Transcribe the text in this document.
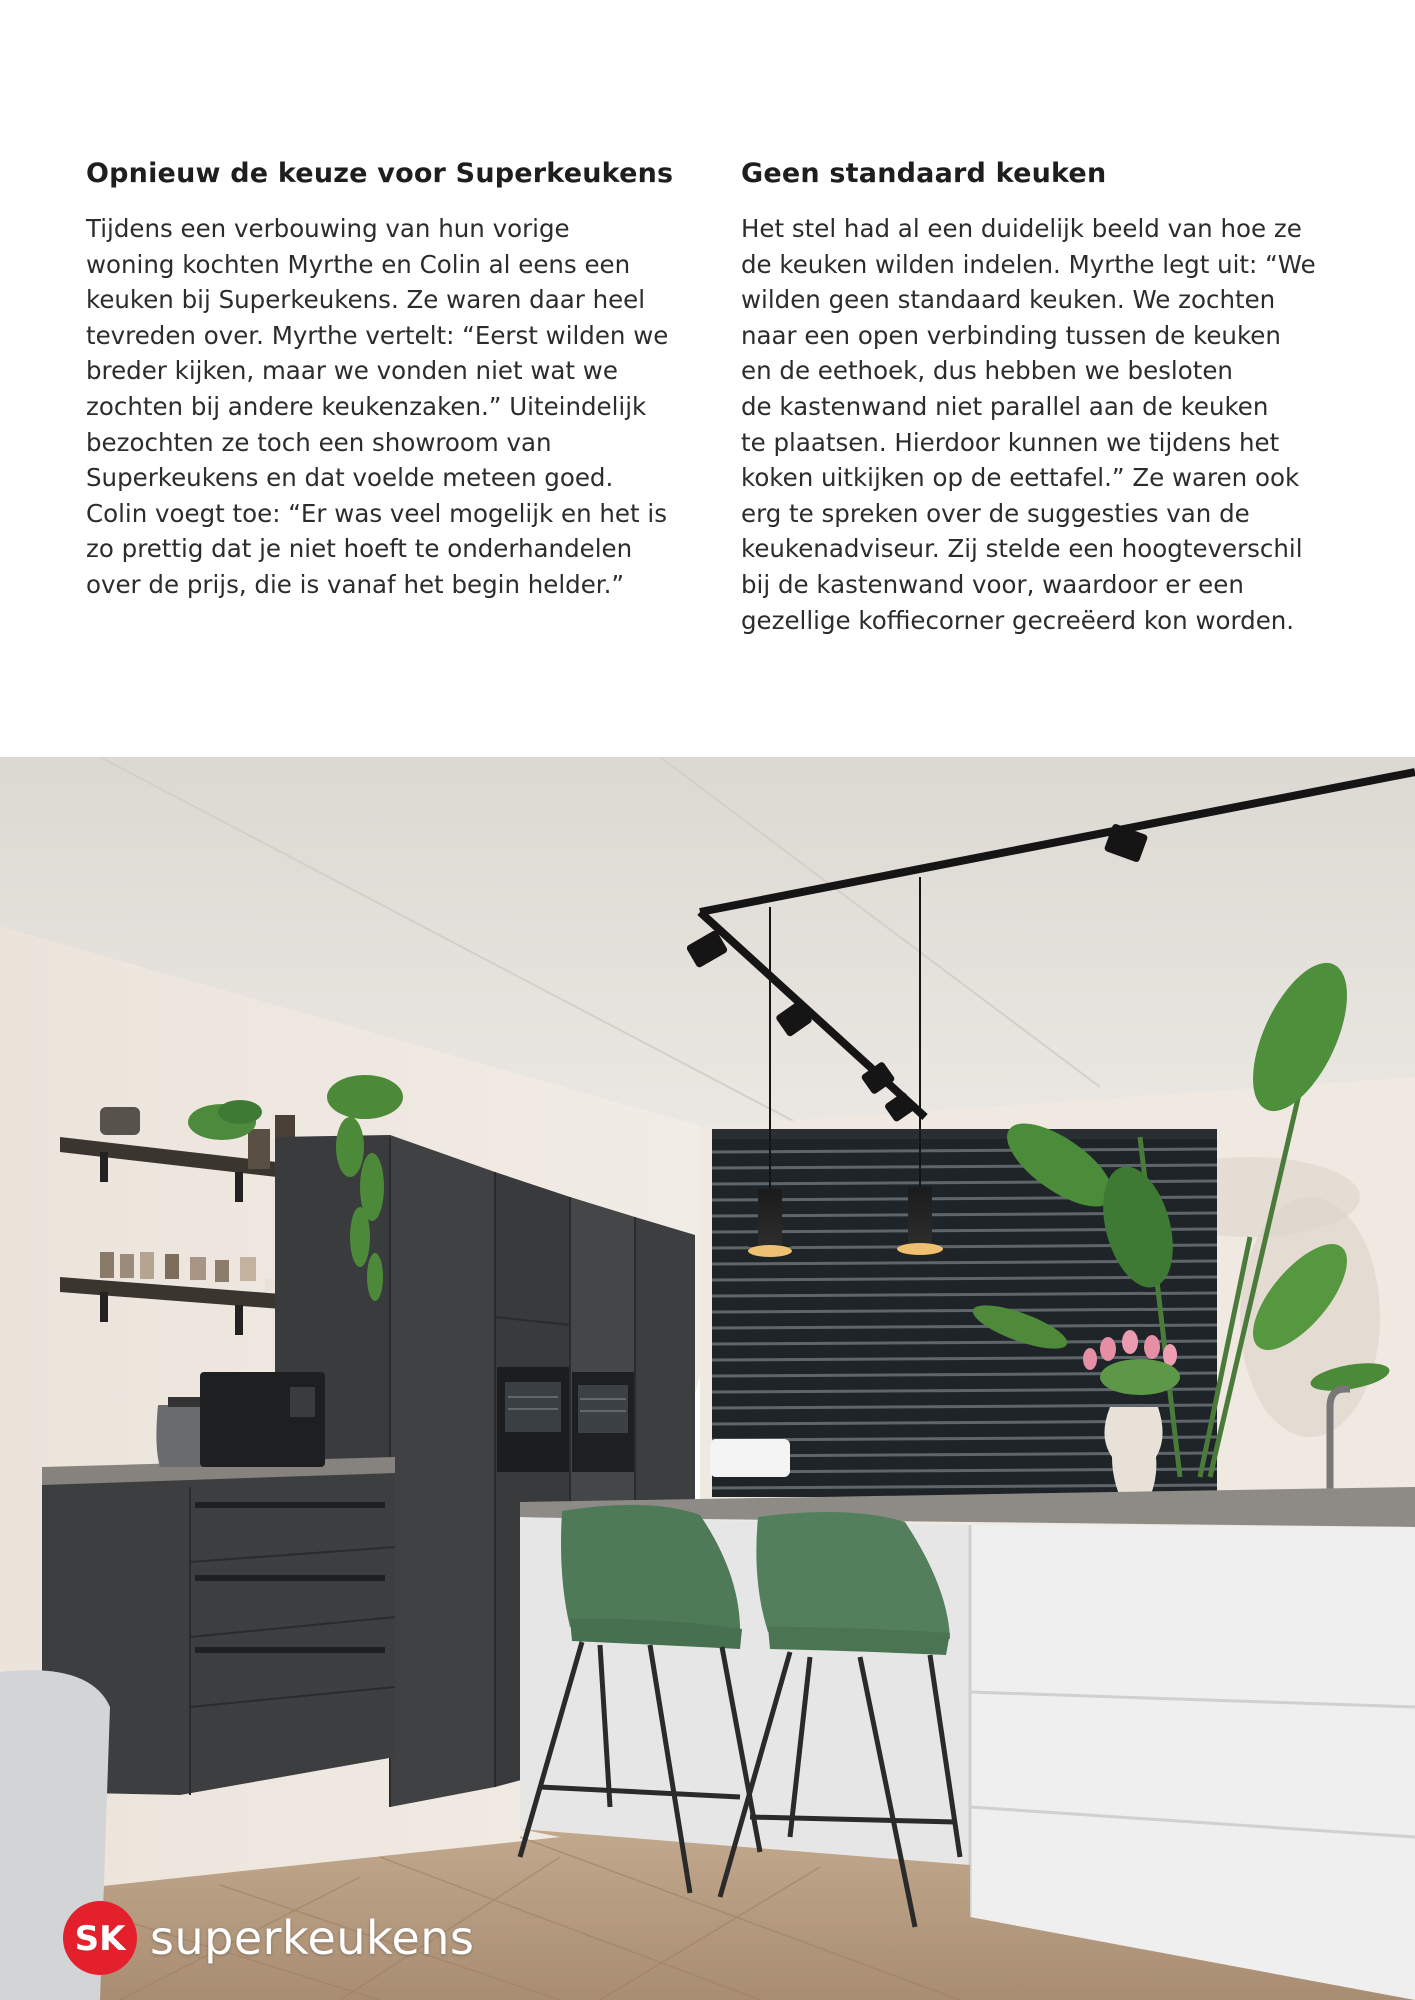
Opnieuw de keuze voor Superkeukens

Tijdens een verbouwing van hun vorige
woning kochten Myrthe en Colin al eens een
keuken bij Superkeukens. Ze waren daar heel
tevreden over. Myrthe vertelt: “Eerst wilden we
breder kijken, maar we vonden niet wat we
zochten bij andere keukenzaken.” Uiteindelijk
bezochten ze toch een showroom van
Superkeukens en dat voelde meteen goed.
Colin voegt toe: “Er was veel mogelijk en het is
zo prettig dat je niet hoeft te onderhandelen
over de prijs, die is vanaf het begin helder.”

Geen standaard keuken

Het stel had al een duidelijk beeld van hoe ze
de keuken wilden indelen. Myrthe legt uit: “We
wilden geen standaard keuken. We zochten
naar een open verbinding tussen de keuken
en de eethoek, dus hebben we besloten
de kastenwand niet parallel aan de keuken
te plaatsen. Hierdoor kunnen we tijdens het
koken uitkijken op de eettafel.” Ze waren ook
erg te spreken over de suggesties van de
keukenadviseur. Zij stelde een hoogteverschil
bij de kastenwand voor, waardoor er een
gezellige koffiecorner gecreëerd kon worden.

SK superkeukens
